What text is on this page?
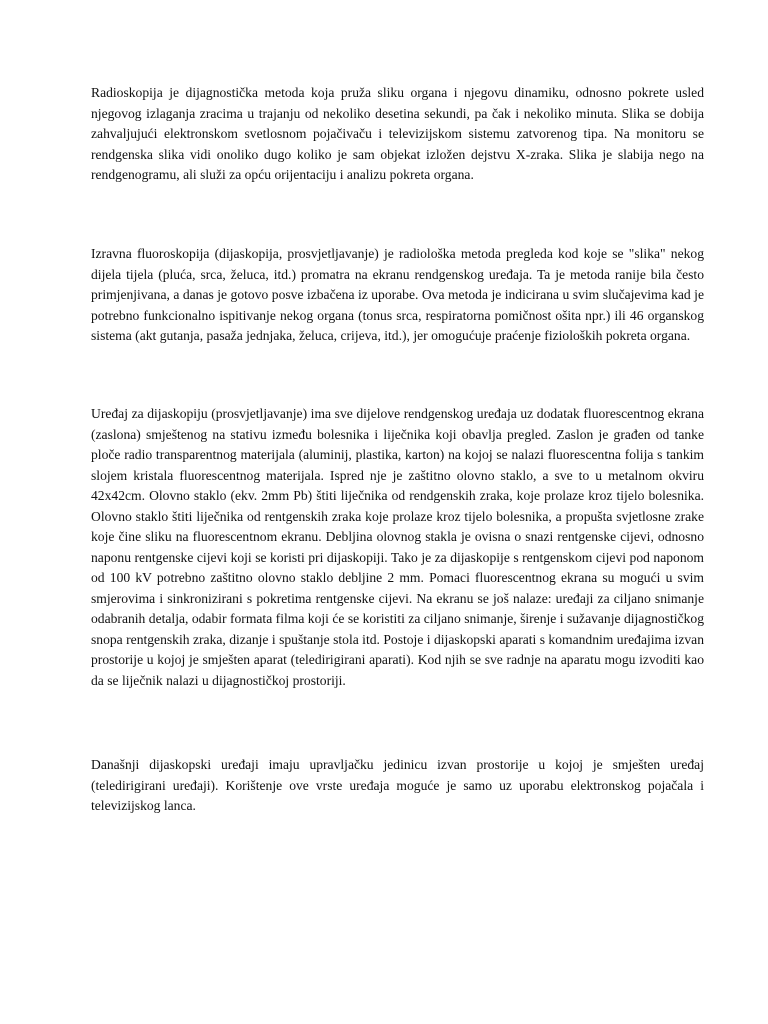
Radioskopija je dijagnostička metoda koja pruža sliku organa i njegovu dinamiku, odnosno pokrete usled njegovog izlaganja zracima u trajanju od nekoliko desetina sekundi, pa čak i nekoliko minuta. Slika se dobija zahvaljujući elektronskom svetlosnom pojačivaču i televizijskom sistemu zatvorenog tipa. Na monitoru se rendgenska slika vidi onoliko dugo koliko je sam objekat izložen dejstvu X-zraka. Slika je slabija nego na rendgenogramu, ali služi za opću orijentaciju i analizu pokreta organa.

Izravna fluoroskopija (dijaskopija, prosvjetljavanje) je radiološka metoda pregleda kod koje se "slika" nekog dijela tijela (pluća, srca, želuca, itd.) promatra na ekranu rendgenskog uređaja. Ta je metoda ranije bila često primjenjivana, a danas je gotovo posve izbačena iz uporabe. Ova metoda je indicirana u svim slučajevima kad je potrebno funkcionalno ispitivanje nekog organa (tonus srca, respiratorna pomičnost ošita npr.) ili 46 organskog sistema (akt gutanja, pasaža jednjaka, želuca, crijeva, itd.), jer omogućuje praćenje fizioloških pokreta organa.

Uređaj za dijaskopiju (prosvjetljavanje) ima sve dijelove rendgenskog uređaja uz dodatak fluorescentnog ekrana (zaslona) smještenog na stativu između bolesnika i liječnika koji obavlja pregled. Zaslon je građen od tanke ploče radio transparentnog materijala (aluminij, plastika, karton) na kojoj se nalazi fluorescentna folija s tankim slojem kristala fluorescentnog materijala. Ispred nje je zaštitno olovno staklo, a sve to u metalnom okviru 42x42cm. Olovno staklo (ekv. 2mm Pb) štiti liječnika od rendgenskih zraka, koje prolaze kroz tijelo bolesnika. Olovno staklo štiti liječnika od rentgenskih zraka koje prolaze kroz tijelo bolesnika, a propušta svjetlosne zrake koje čine sliku na fluorescentnom ekranu. Debljina olovnog stakla je ovisna o snazi rentgenske cijevi, odnosno naponu rentgenske cijevi koji se koristi pri dijaskopiji. Tako je za dijaskopije s rentgenskom cijevi pod naponom od 100 kV potrebno zaštitno olovno staklo debljine 2 mm. Pomaci fluorescentnog ekrana su mogući u svim smjerovima i sinkronizirani s pokretima rentgenske cijevi. Na ekranu se još nalaze: uređaji za ciljano snimanje odabranih detalja, odabir formata filma koji će se koristiti za ciljano snimanje, širenje i sužavanje dijagnostičkog snopa rentgenskih zraka, dizanje i spuštanje stola itd. Postoje i dijaskopski aparati s komandnim uređajima izvan prostorije u kojoj je smješten aparat (teledirigirani aparati). Kod njih se sve radnje na aparatu mogu izvoditi kao da se liječnik nalazi u dijagnostičkoj prostoriji.

Današnji dijaskopski uređaji imaju upravljačku jedinicu izvan prostorije u kojoj je smješten uređaj (teledirigirani uređaji). Korištenje ove vrste uređaja moguće je samo uz uporabu elektronskog pojačala i televizijskog lanca.
